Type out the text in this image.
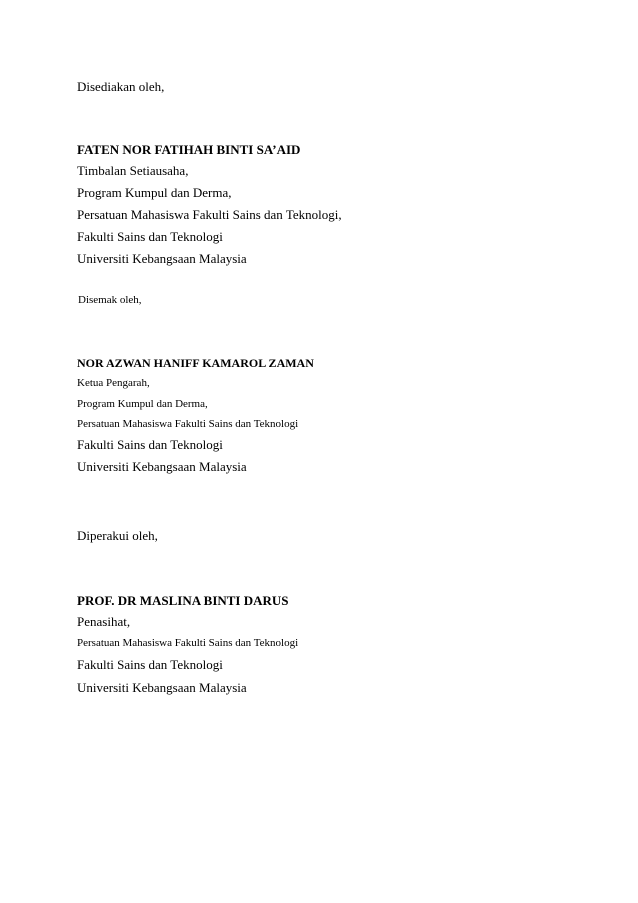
Disediakan oleh,
FATEN NOR FATIHAH BINTI SA’AID
Timbalan Setiausaha,
Program Kumpul dan Derma,
Persatuan Mahasiswa Fakulti Sains dan Teknologi,
Fakulti Sains dan Teknologi
Universiti Kebangsaan Malaysia
Disemak oleh,
NOR AZWAN HANIFF KAMAROL ZAMAN
Ketua Pengarah,
Program Kumpul dan Derma,
Persatuan Mahasiswa Fakulti Sains dan Teknologi
Fakulti Sains dan Teknologi
Universiti Kebangsaan Malaysia
Diperakui oleh,
PROF. DR MASLINA BINTI DARUS
Penasihat,
Persatuan Mahasiswa Fakulti Sains dan Teknologi
Fakulti Sains dan Teknologi
Universiti Kebangsaan Malaysia
